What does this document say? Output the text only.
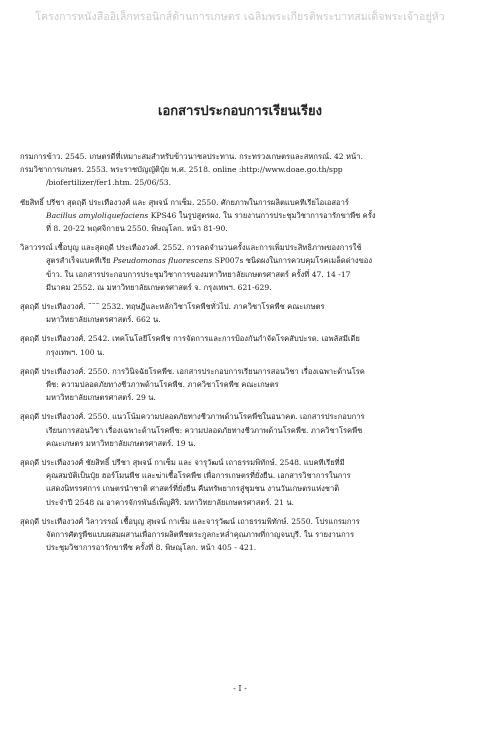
โครงการหนังสืออิเล็กทรอนิกส์ด้านการเกษตร เฉลิมพระเกียรติพระบาทสมเด็จพระเจ้าอยู่หัว
เอกสารประกอบการเรียนเรียง
กรมการข้าว. 2545. เกษตรดีที่เหมาะสมสำหรับข้าวนาชลประทาน. กระทรวงเกษตรและสหกรณ์. 42 หน้า.
กรมวิชาการเกษตร. 2553. พระราชบัญญัติปุ๋ย พ.ศ. 2518. online :http://www.doae.go.th/spp
/biofertilizer/fer1.htm. 25/06/53.
ชัยสิทธิ์ ปรีชา สุดฤดี ประเทืองวงศ์ และ สุพจน์ กาเซ็ม. 2550. ศักยภาพในการผลิตแบคทีเรียไอเอสอาร์
Bacillus amyloliquefaciens KPS46 ในรูปสูตรผง. ใน รายงานการประชุมวิชาการอารักขาพืช ครั้ง
ที่ 8. 20-22 พฤศจิกายน 2550. พิษณุโลก. หน้า 81-90.
วิลาวรรณ์ เชื้อบุญ และสุดฤดี ประเทืองวงศ์. 2552. การลดจำนวนครั้งและการเพิ่มประสิทธิภาพของการใช้
สูตรสำเร็จแบคทีเรีย Pseudomonas fluorescens SP007s ชนิดผงในการควบคุมโรคเมล็ดด่างของ
ข้าว. ใน เอกสารประกอบการประชุมวิชาการของมหาวิทยาลัยเกษตรศาสตร์ ครั้งที่ 47. 14 -17
มีนาคม 2552. ณ มหาวิทยาลัยเกษตรศาสตร์ จ. กรุงเทพฯ. 621-629.
สุดฤดี ประเทืองวงศ์. ˜˜˜ 2532. ทฤษฎีและหลักวิชาโรคพืชทั่วไป. ภาควิชาโรคพืช คณะเกษตร
มหาวิทยาลัยเกษตรศาสตร์. 662 น.
สุดฤดี ประเทืองวงศ์. 2542. เทคโนโลยีโรคพืช การจัดการและการป้องกันกำจัดโรคสับปะรด. เอพลัสมีเดีย
กรุงเทพฯ. 100 น.
สุดฤดี ประเทืองวงศ์. 2550. การวินิจฉัยโรคพืช. เอกสารประกอบการเรียนการสอนวิชา เรื่องเฉพาะด้านโรค
พืช: ความปลอดภัยทางชีวภาพด้านโรคพืช. ภาควิชาโรคพืช คณะเกษตร
มหาวิทยาลัยเกษตรศาสตร์. 29 น.
สุดฤดี ประเทืองวงศ์. 2550. แนวโน้มความปลอดภัยทางชีวภาพด้านโรคพืชในอนาคต. เอกสารประกอบการ
เรียนการสอนวิชา เรื่องเฉพาะด้านโรคพืช: ความปลอดภัยทางชีวภาพด้านโรคพืช. ภาควิชาโรคพืช
คณะเกษตร มหาวิทยาลัยเกษตรศาสตร์. 19 น.
สุดฤดี ประเทืองวงศ์ ชัยสิทธิ์ ปรีชา สุพจน์ กาเซ็ม และ จารุวัฒน์ เถาธรรมพิทักษ์. 2548. แบคทีเรียที่มี
คุณสมบัติเป็นปุ๋ย ฮอร์โมนพืช และฆ่าเชื้อโรคพืช เพื่อการเกษตรที่ยั่งยืน. เอกสารวิชาการในการ
แสดงนิทรรศการ เกษตรนำชาติ ศาสตร์ที่ยั่งยืน คืนทรัพยากรสู่ชุมชน งานวันเกษตรแห่งชาติ
ประจำปี 2548 ณ อาคารจักรพันธ์เพ็ญศิริ. มหาวิทยาลัยเกษตรศาสตร์. 21 น.
สุดฤดี ประเทืองวงศ์ วิลาวรรณ์ เชื้อบุญ สุพจน์ กาเซ็ม และจารุวัฒน์ เถาธรรมพิทักษ์. 2550. โปรแกรมการ
จัดการศัตรูพืชแบบผสมผสานเพื่อการผลิตพืชตระกูลกะหล่ำคุณภาพที่กาญจนบุรี. ใน รายงานการ
ประชุมวิชาการอารักขาพืช ครั้งที่ 8. พิษณุโลก. หน้า 405 - 421.
- I -
